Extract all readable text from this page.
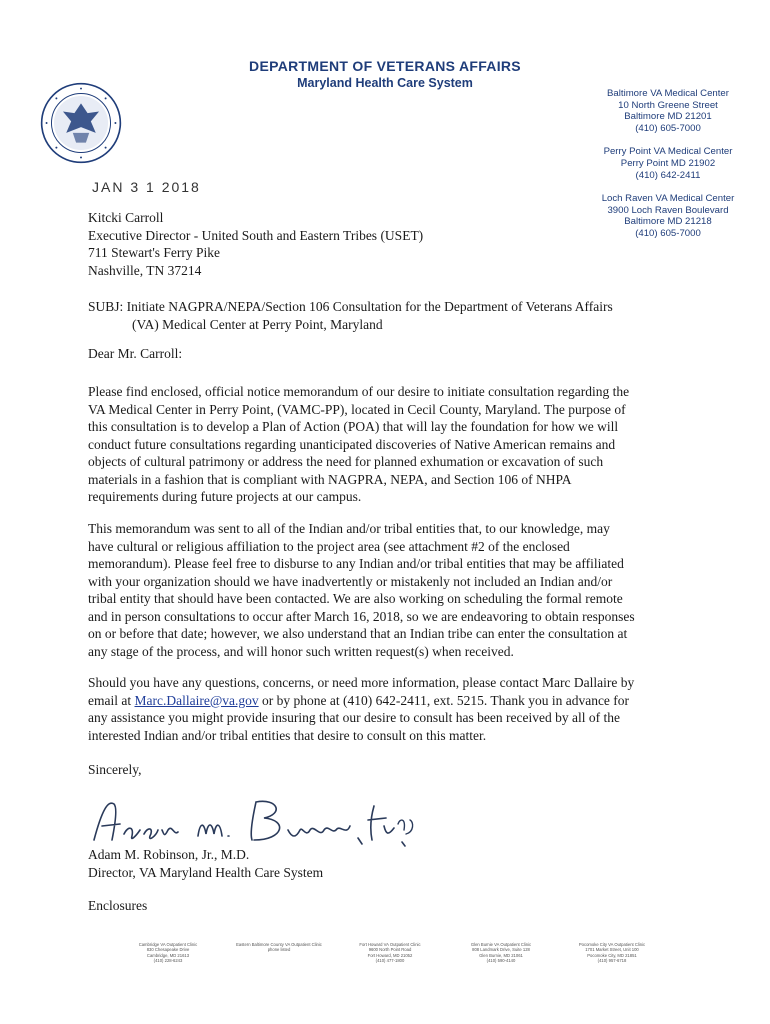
DEPARTMENT OF VETERANS AFFAIRS
Maryland Health Care System
JAN 3 1 2018
Baltimore VA Medical Center
10 North Greene Street
Baltimore MD 21201
(410) 605-7000
Perry Point VA Medical Center
Perry Point MD 21902
(410) 642-2411
Loch Raven VA Medical Center
3900 Loch Raven Boulevard
Baltimore MD 21218
(410) 605-7000
Kitcki Carroll
Executive Director - United South and Eastern Tribes (USET)
711 Stewart's Ferry Pike
Nashville, TN 37214
SUBJ: Initiate NAGPRA/NEPA/Section 106 Consultation for the Department of Veterans Affairs
(VA) Medical Center at Perry Point, Maryland
Dear Mr. Carroll:
Please find enclosed, official notice memorandum of our desire to initiate consultation regarding the
VA Medical Center in Perry Point, (VAMC-PP), located in Cecil County, Maryland. The purpose of
this consultation is to develop a Plan of Action (POA) that will lay the foundation for how we will
conduct future consultations regarding unanticipated discoveries of Native American remains and
objects of cultural patrimony or address the need for planned exhumation or excavation of such
materials in a fashion that is compliant with NAGPRA, NEPA, and Section 106 of NHPA
requirements during future projects at our campus.
This memorandum was sent to all of the Indian and/or tribal entities that, to our knowledge, may
have cultural or religious affiliation to the project area (see attachment #2 of the enclosed
memorandum). Please feel free to disburse to any Indian and/or tribal entities that may be affiliated
with your organization should we have inadvertently or mistakenly not included an Indian and/or
tribal entity that should have been contacted. We are also working on scheduling the formal remote
and in person consultations to occur after March 16, 2018, so we are endeavoring to obtain responses
on or before that date; however, we also understand that an Indian tribe can enter the consultation at
any stage of the process, and will honor such written request(s) when received.
Should you have any questions, concerns, or need more information, please contact Marc Dallaire by
email at Marc.Dallaire@va.gov or by phone at (410) 642-2411, ext. 5215. Thank you in advance for
any assistance you might provide insuring that our desire to consult has been received by all of the
interested Indian and/or tribal entities that desire to consult on this matter.
Sincerely,
Adam M. Robinson, Jr., M.D.
Director, VA Maryland Health Care System
Enclosures
Cambridge VA Outpatient Clinic
830 Chesapeake Drive
Cambridge, MD 21613
(410) 228-6243
Eastern Baltimore County VA Outpatient Clinic
phone listed
Fort Howard VA Outpatient Clinic
9600 North Point Road
Fort Howard, MD 21052
(410) 477-1800
Glen Burnie VA Outpatient Clinic
808 Landmark Drive, Suite 128
Glen Burnie, MD 21061
(410) 590-4140
Pocomoke City VA Outpatient Clinic
1701 Market Street, Unit 100
Pocomoke City, MD 21851
(410) 957-6718
